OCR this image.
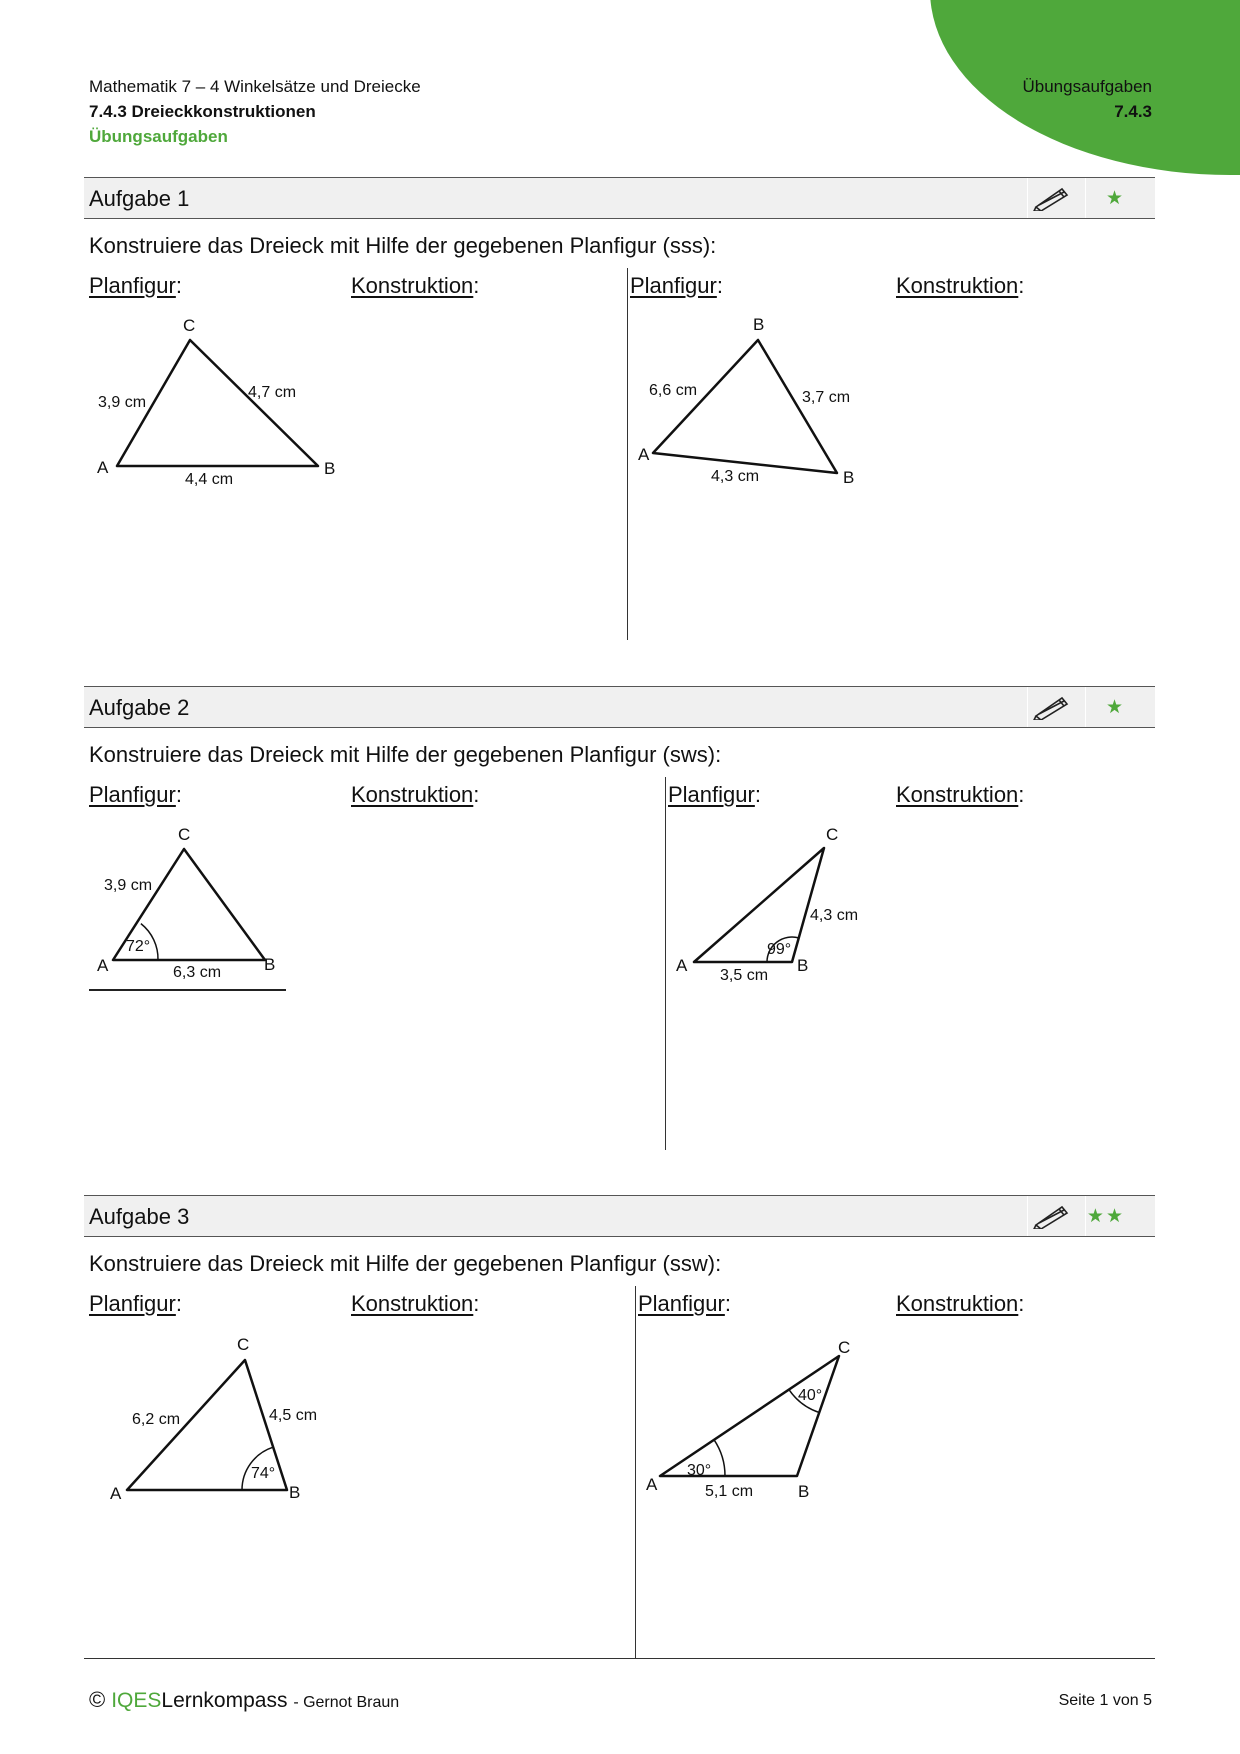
Mathematik 7 – 4 Winkelsätze und Dreiecke
7.4.3 Dreieckkonstruktionen
Übungsaufgaben
Übungsaufgaben
7.4.3
Aufgabe 1	★
Konstruiere das Dreieck mit Hilfe der gegebenen Planfigur (sss):
Planfigur:	Konstruktion:	Planfigur:	Konstruktion:
Aufgabe 2	★
Konstruiere das Dreieck mit Hilfe der gegebenen Planfigur (sws):
Planfigur:	Konstruktion:	Planfigur:	Konstruktion:
Aufgabe 3	★★
Konstruiere das Dreieck mit Hilfe der gegebenen Planfigur (ssw):
Planfigur:	Konstruktion:	Planfigur:	Konstruktion:
A	B
C
3,9 cm
4,7 cm
4,4 cm
A
B
B
6,6 cm	3,7 cm
4,3 cm
A	B
C
3,9 cm
6,3 cm
72°
A	B
C
4,3 cm
3,5 cm
99°
A	B
C
6,2 cm	4,5 cm
74°
A	B
C
5,1 cm
30°
40°
© IQESLernkompass - Gernot Braun	Seite 1 von 5
